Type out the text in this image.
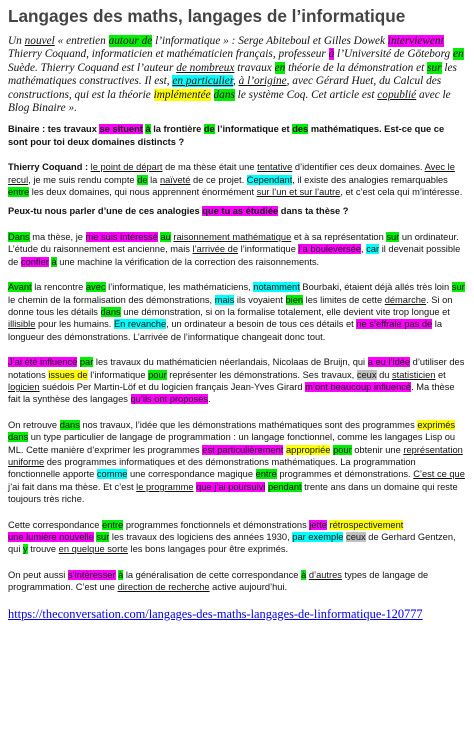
Langages des maths, langages de l’informatique

Un nouvel « entretien autour de l’informatique » : Serge Abiteboul et Gilles Dowek interviewent Thierry Coquand, informaticien et mathématicien français, professeur à l’Université de Göteborg en Suède. Thierry Coquand est l’auteur de nombreux travaux en théorie de la démonstration et sur les mathématiques constructives. Il est, en particulier, à l’origine, avec Gérard Huet, du Calcul des constructions, qui est la théorie implémentée dans le système Coq. Cet article est copublié avec le Blog Binaire ».

Binaire : tes travaux se situent à la frontière de l’informatique et des mathématiques. Est-ce que ce sont pour toi deux domaines distincts ?

Thierry Coquand : le point de départ de ma thèse était une tentative d’identifier ces deux domaines. Avec le recul, je me suis rendu compte de la naïveté de ce projet. Cependant, il existe des analogies remarquables entre les deux domaines, qui nous apprennent énormément sur l’un et sur l’autre, et c’est cela qui m’intéresse.

Peux-tu nous parler d’une de ces analogies que tu as étudiée dans ta thèse ?

Dans ma thèse, je me suis intéressé au raisonnement mathématique et à sa représentation sur un ordinateur. L’étude du raisonnement est ancienne, mais l’arrivée de l’informatique l’a bouleversée, car il devenait possible de confier à une machine la vérification de la correction des raisonnements.

Avant la rencontre avec l’informatique, les mathématiciens, notamment Bourbaki, étaient déjà allés très loin sur le chemin de la formalisation des démonstrations, mais ils voyaient bien les limites de cette démarche. Si on donne tous les détails dans une démonstration, si on la formalise totalement, elle devient vite trop longue et illisible pour les humains. En revanche, un ordinateur a besoin de tous ces détails et ne s’effraie pas de la longueur des démonstrations. L’arrivée de l’informatique changeait donc tout.

J’ai été influencé par les travaux du mathématicien néerlandais, Nicolaas de Bruijn, qui a eu l’idée d’utiliser des notations issues de l’informatique pour représenter les démonstrations. Ses travaux, ceux du statisticien et logicien suédois Per Martin-Löf et du logicien français Jean-Yves Girard m’ont beaucoup influencé. Ma thèse fait la synthèse des langages qu’ils ont proposés.

On retrouve dans nos travaux, l’idée que les démonstrations mathématiques sont des programmes exprimés dans un type particulier de langage de programmation : un langage fonctionnel, comme les langages Lisp ou ML. Cette manière d’exprimer les programmes est particulièrement appropriée pour obtenir une représentation uniforme des programmes informatiques et des démonstrations mathématiques. La programmation fonctionnelle apporte comme une correspondance magique entre programmes et démonstrations. C’est ce que j’ai fait dans ma thèse. Et c’est le programme que j’ai poursuivi pendant trente ans dans un domaine qui reste toujours très riche.

Cette correspondance entre programmes fonctionnels et démonstrations jette rétrospectivement une lumière nouvelle sur les travaux des logiciens des années 1930, par exemple ceux de Gerhard Gentzen, qui y trouve en quelque sorte les bons langages pour être exprimés.

On peut aussi s’intéresser à la généralisation de cette correspondance à d’autres types de langage de programmation. C’est une direction de recherche active aujourd’hui.

https://theconversation.com/langages-des-maths-langages-de-linformatique-120777
